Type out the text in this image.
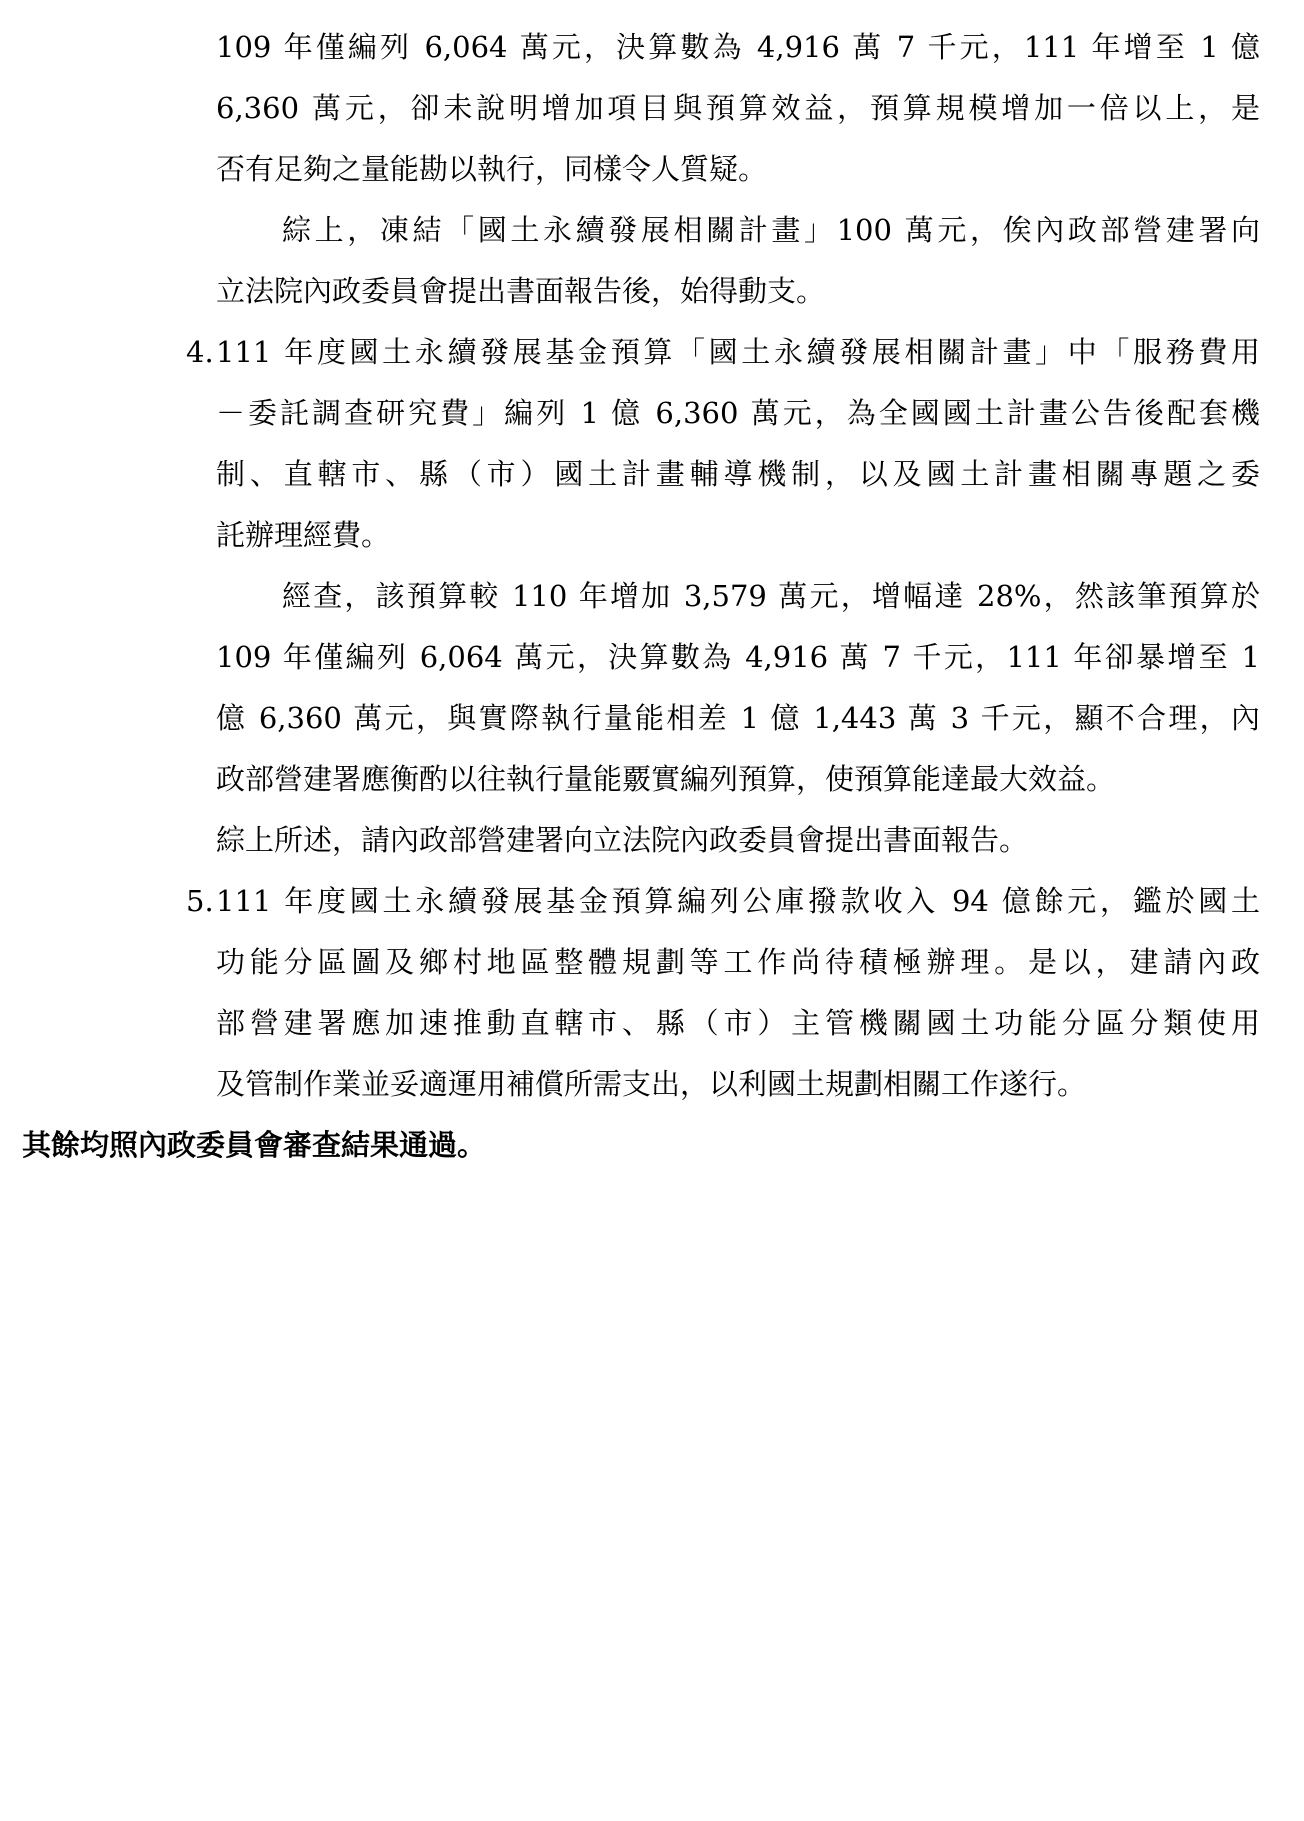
109 年僅編列 6,064 萬元，決算數為 4,916 萬 7 千元，111 年增至 1 億
6,360 萬元，卻未說明增加項目與預算效益，預算規模增加一倍以上，是
否有足夠之量能勘以執行，同樣令人質疑。
綜上，凍結「國土永續發展相關計畫」100 萬元，俟內政部營建署向
立法院內政委員會提出書面報告後，始得動支。
4. 111 年度國土永續發展基金預算「國土永續發展相關計畫」中「服務費用
－委託調查研究費」編列 1 億 6,360 萬元，為全國國土計畫公告後配套機
制、直轄市、縣（市）國土計畫輔導機制，以及國土計畫相關專題之委
託辦理經費。
經查，該預算較 110 年增加 3,579 萬元，增幅達 28%，然該筆預算於
109 年僅編列 6,064 萬元，決算數為 4,916 萬 7 千元，111 年卻暴增至 1
億 6,360 萬元，與實際執行量能相差 1 億 1,443 萬 3 千元，顯不合理，內
政部營建署應衡酌以往執行量能覈實編列預算，使預算能達最大效益。
綜上所述，請內政部營建署向立法院內政委員會提出書面報告。
5. 111 年度國土永續發展基金預算編列公庫撥款收入 94 億餘元，鑑於國土
功能分區圖及鄉村地區整體規劃等工作尚待積極辦理。是以，建請內政
部營建署應加速推動直轄市、縣（市）主管機關國土功能分區分類使用
及管制作業並妥適運用補償所需支出，以利國土規劃相關工作遂行。
其餘均照內政委員會審查結果通過。
